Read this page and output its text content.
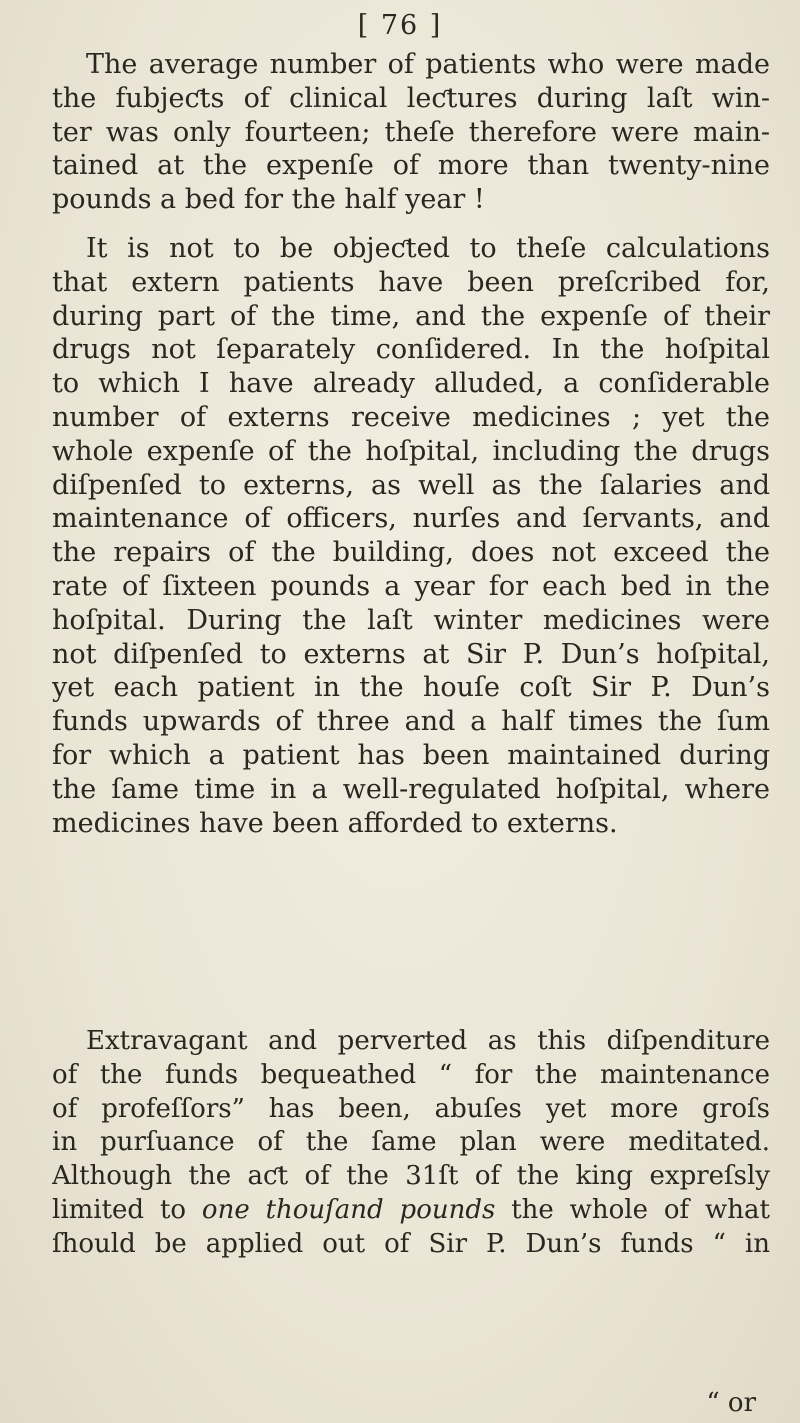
[ 76 ]
The average number of patients who were made
the fubjeƈts of clinical leƈtures during laſt win-
ter was only fourteen; theſe therefore were main-
tained at the expenſe of more than twenty-nine
pounds a bed for the half year !
It is not to be objeƈted to theſe calculations
that extern patients have been preſcribed for,
during part of the time, and the expenſe of their
drugs not ſeparately conſidered. In the hoſpital
to which I have already alluded, a conſiderable
number of externs receive medicines ; yet the
whole expenſe of the hoſpital, including the drugs
diſpenſed to externs, as well as the ſalaries and
maintenance of officers, nurſes and ſervants, and
the repairs of the building, does not exceed the
rate of ſixteen pounds a year for each bed in the
hoſpital. During the laſt winter medicines were
not diſpenſed to externs at Sir P. Dun’s hoſpital,
yet each patient in the houſe coſt Sir P. Dun’s
funds upwards of three and a half times the ſum
for which a patient has been maintained during
the ſame time in a well-regulated hoſpital, where
medicines have been afforded to externs.
Extravagant and perverted as this diſpenditure
of the funds bequeathed “ for the maintenance
of profeſſors” has been, abuſes yet more groſs
in purſuance of the ſame plan were meditated.
Although the aƈt of the 31ſt of the king expreſsly
limited to one thouſand pounds the whole of what
ſhould be applied out of Sir P. Dun’s funds “ in
“ or
